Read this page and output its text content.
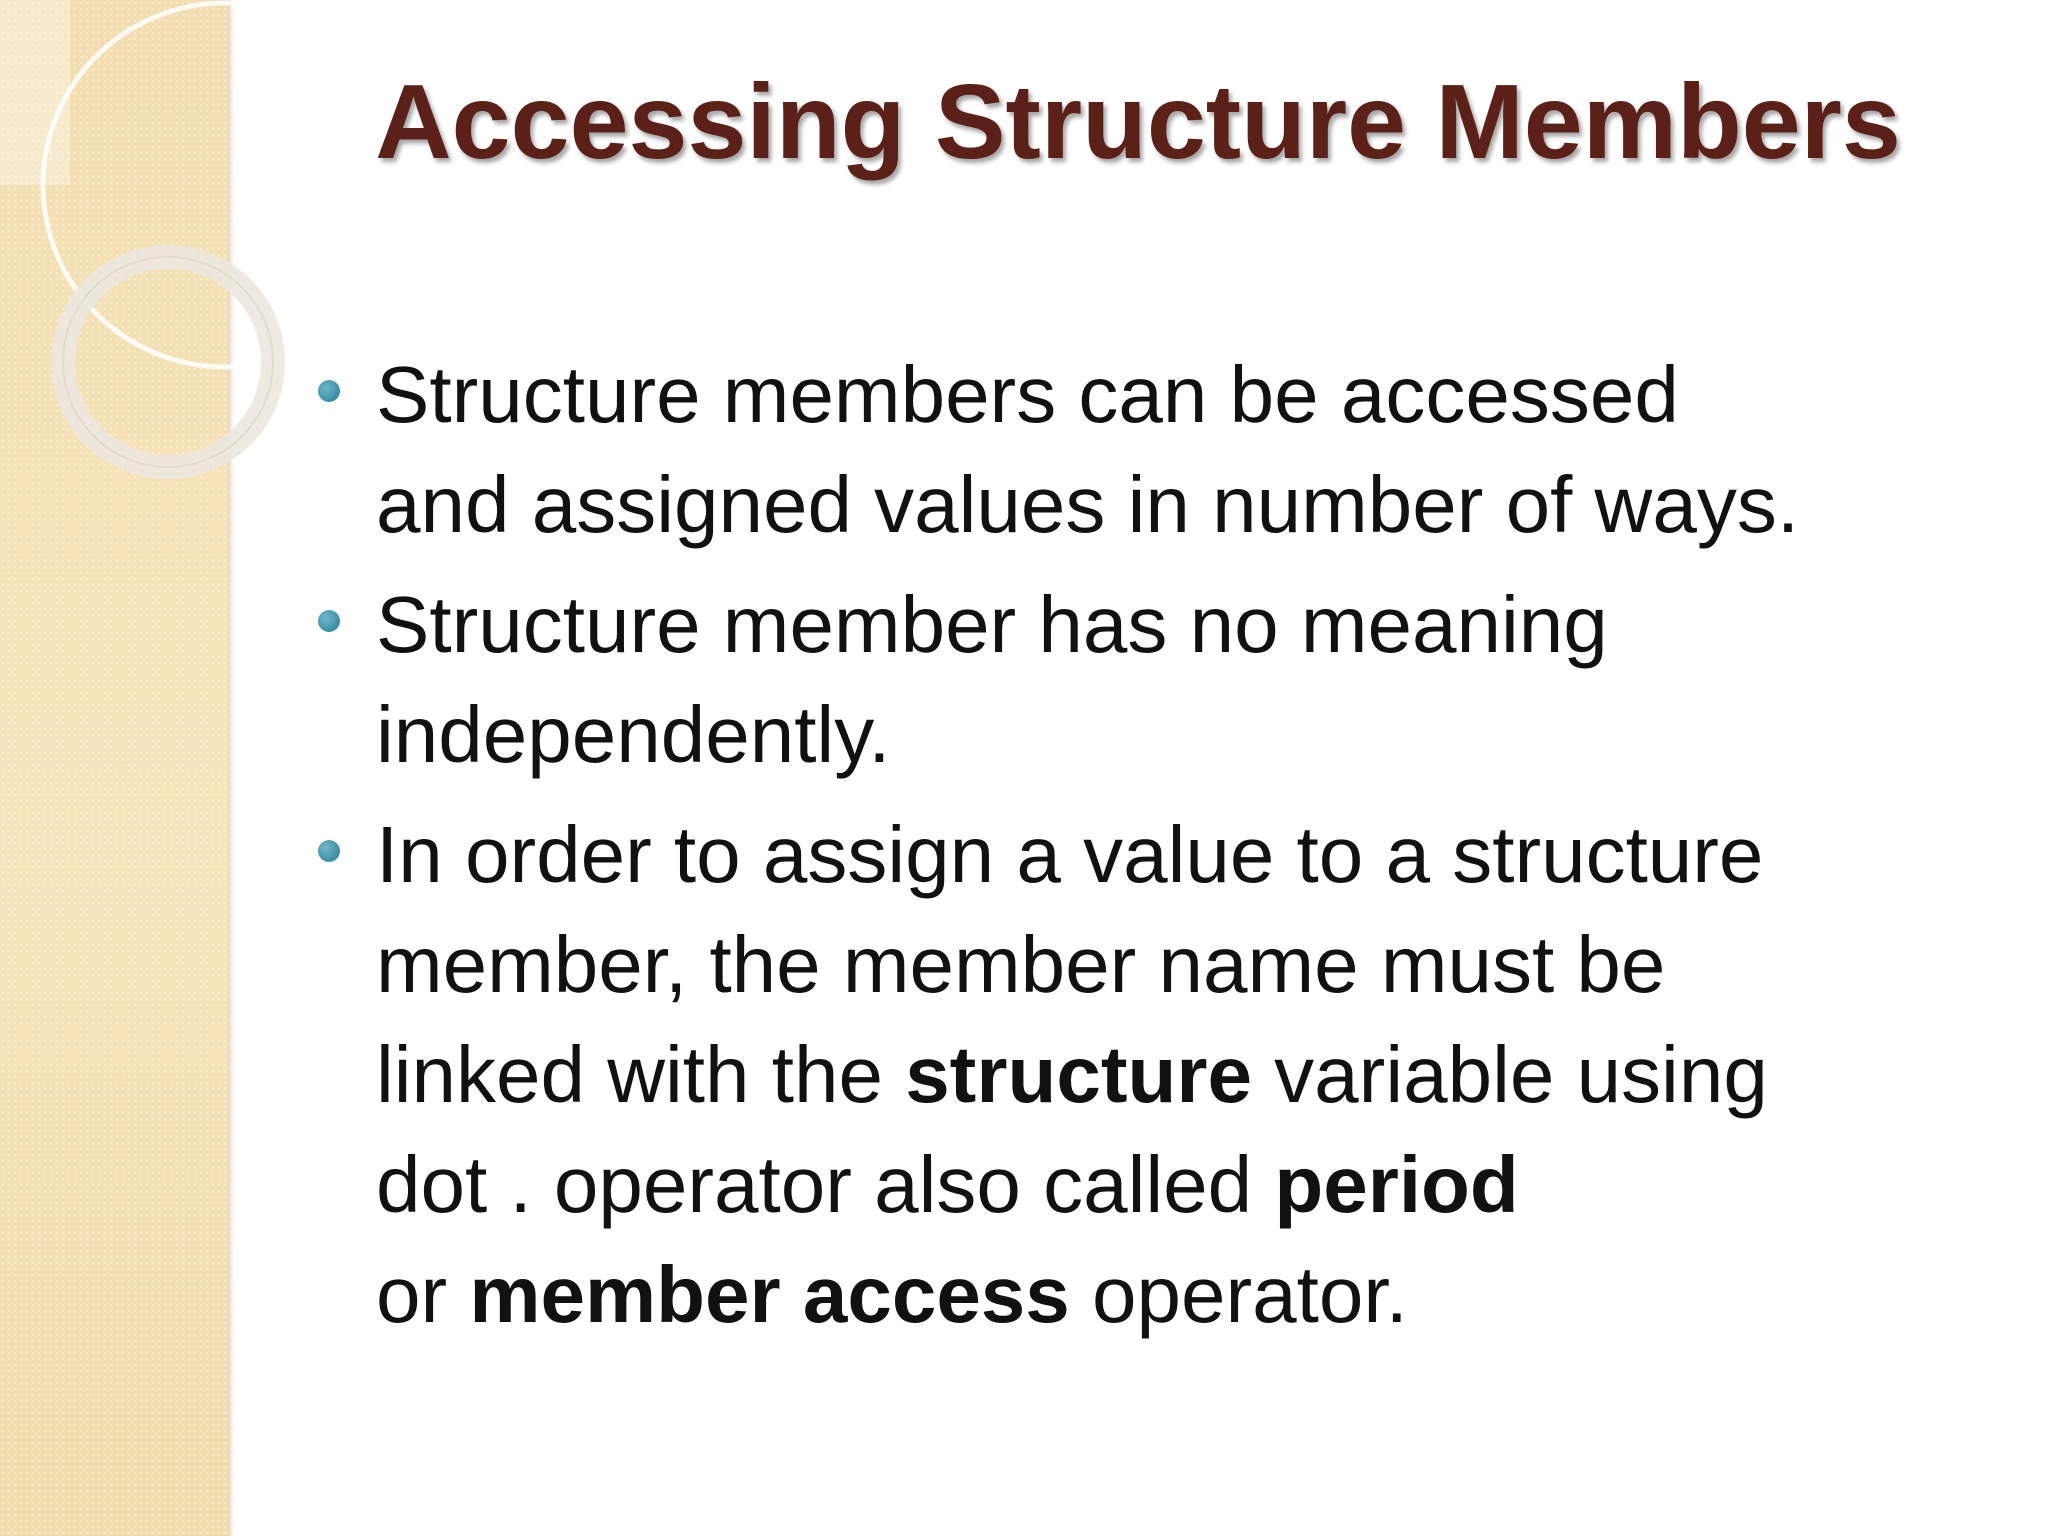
Accessing Structure Members
Structure members can be accessed
and assigned values in number of ways.
Structure member has no meaning
independently.
In order to assign a value to a structure
member, the member name must be
linked with the structure variable using
dot . operator also called period
or member access operator.
